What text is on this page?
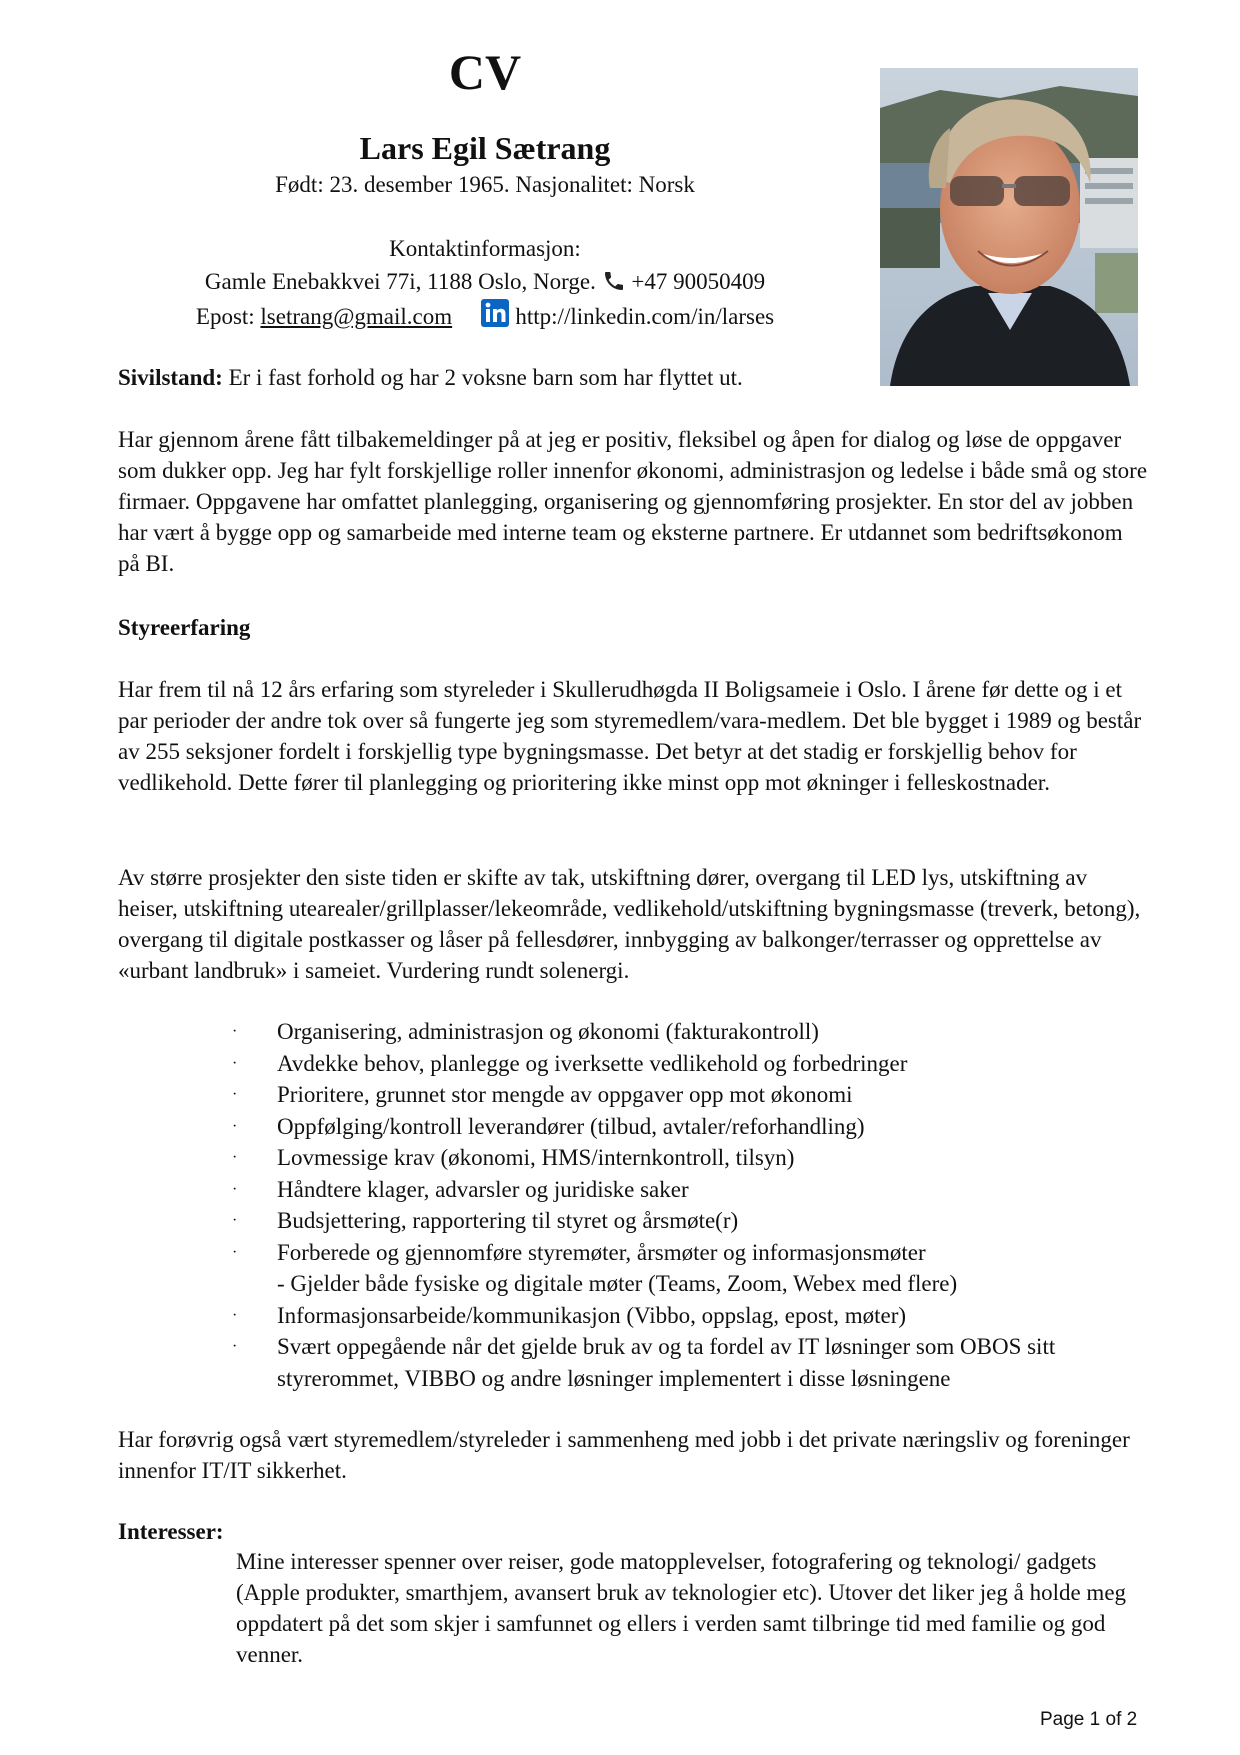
CV
Lars Egil Sætrang
Født: 23. desember 1965. Nasjonalitet: Norsk
Kontaktinformasjon:
Gamle Enebakkvei 77i, 1188 Oslo, Norge. +47 90050409
Epost: lsetrang@gmail.com	http://linkedin.com/in/larses

Sivilstand: Er i fast forhold og har 2 voksne barn som har flyttet ut.

Har gjennom årene fått tilbakemeldinger på at jeg er positiv, fleksibel og åpen for dialog og løse de oppgaver som dukker opp. Jeg har fylt forskjellige roller innenfor økonomi, administrasjon og ledelse i både små og store firmaer. Oppgavene har omfattet planlegging, organisering og gjennomføring prosjekter. En stor del av jobben har vært å bygge opp og samarbeide med interne team og eksterne partnere. Er utdannet som bedriftsøkonom på BI.

Styreerfaring

Har frem til nå 12 års erfaring som styreleder i Skullerudhøgda II Boligsameie i Oslo. I årene før dette og i et par perioder der andre tok over så fungerte jeg som styremedlem/vara-medlem. Det ble bygget i 1989 og består av 255 seksjoner fordelt i forskjellig type bygningsmasse. Det betyr at det stadig er forskjellig behov for vedlikehold. Dette fører til planlegging og prioritering ikke minst opp mot økninger i felleskostnader.

Av større prosjekter den siste tiden er skifte av tak, utskiftning dører, overgang til LED lys, utskiftning av heiser, utskiftning utearealer/grillplasser/lekeområde, vedlikehold/utskiftning bygningsmasse (treverk, betong), overgang til digitale postkasser og låser på fellesdører, innbygging av balkonger/terrasser og opprettelse av «urbant landbruk» i sameiet. Vurdering rundt solenergi.

· Organisering, administrasjon og økonomi (fakturakontroll)
· Avdekke behov, planlegge og iverksette vedlikehold og forbedringer
· Prioritere, grunnet stor mengde av oppgaver opp mot økonomi
· Oppfølging/kontroll leverandører (tilbud, avtaler/reforhandling)
· Lovmessige krav (økonomi, HMS/internkontroll, tilsyn)
· Håndtere klager, advarsler og juridiske saker
· Budsjettering, rapportering til styret og årsmøte(r)
· Forberede og gjennomføre styremøter, årsmøter og informasjonsmøter
- Gjelder både fysiske og digitale møter (Teams, Zoom, Webex med flere)
· Informasjonsarbeide/kommunikasjon (Vibbo, oppslag, epost, møter)
· Svært oppegående når det gjelde bruk av og ta fordel av IT løsninger som OBOS sitt styrerommet, VIBBO og andre løsninger implementert i disse løsningene

Har forøvrig også vært styremedlem/styreleder i sammenheng med jobb i det private næringsliv og foreninger innenfor IT/IT sikkerhet.

Interesser:
Mine interesser spenner over reiser, gode matopplevelser, fotografering og teknologi/ gadgets (Apple produkter, smarthjem, avansert bruk av teknologier etc). Utover det liker jeg å holde meg oppdatert på det som skjer i samfunnet og ellers i verden samt tilbringe tid med familie og god venner.
Page 1 of 2
